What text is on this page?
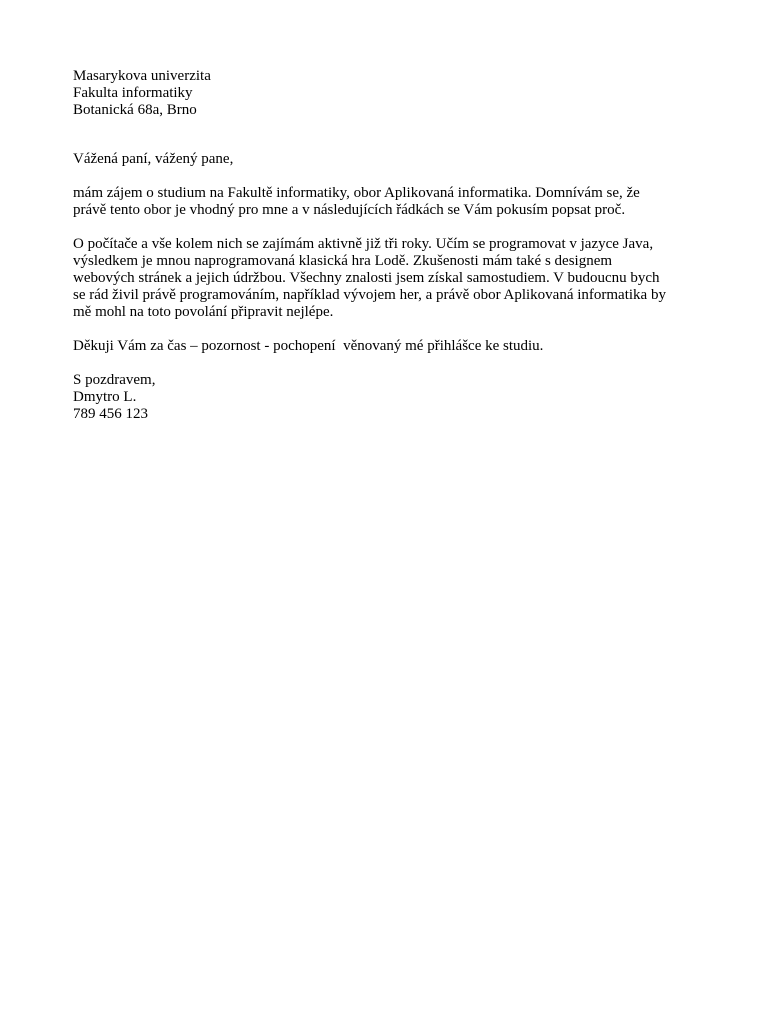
Masarykova univerzita
Fakulta informatiky
Botanická 68a, Brno
Vážená paní, vážený pane,
mám zájem o studium na Fakultě informatiky, obor Aplikovaná informatika. Domnívám se, že
právě tento obor je vhodný pro mne a v následujících řádkách se Vám pokusím popsat proč.
O počítače a vše kolem nich se zajímám aktivně již tři roky. Učím se programovat v jazyce Java,
výsledkem je mnou naprogramovaná klasická hra Lodě. Zkušenosti mám také s designem
webových stránek a jejich údržbou. Všechny znalosti jsem získal samostudiem. V budoucnu bych
se rád živil právě programováním, například vývojem her, a právě obor Aplikovaná informatika by
mě mohl na toto povolání připravit nejlépe.
Děkuji Vám za čas – pozornost - pochopení  věnovaný mé přihlášce ke studiu.
S pozdravem,
Dmytro L.
789 456 123
